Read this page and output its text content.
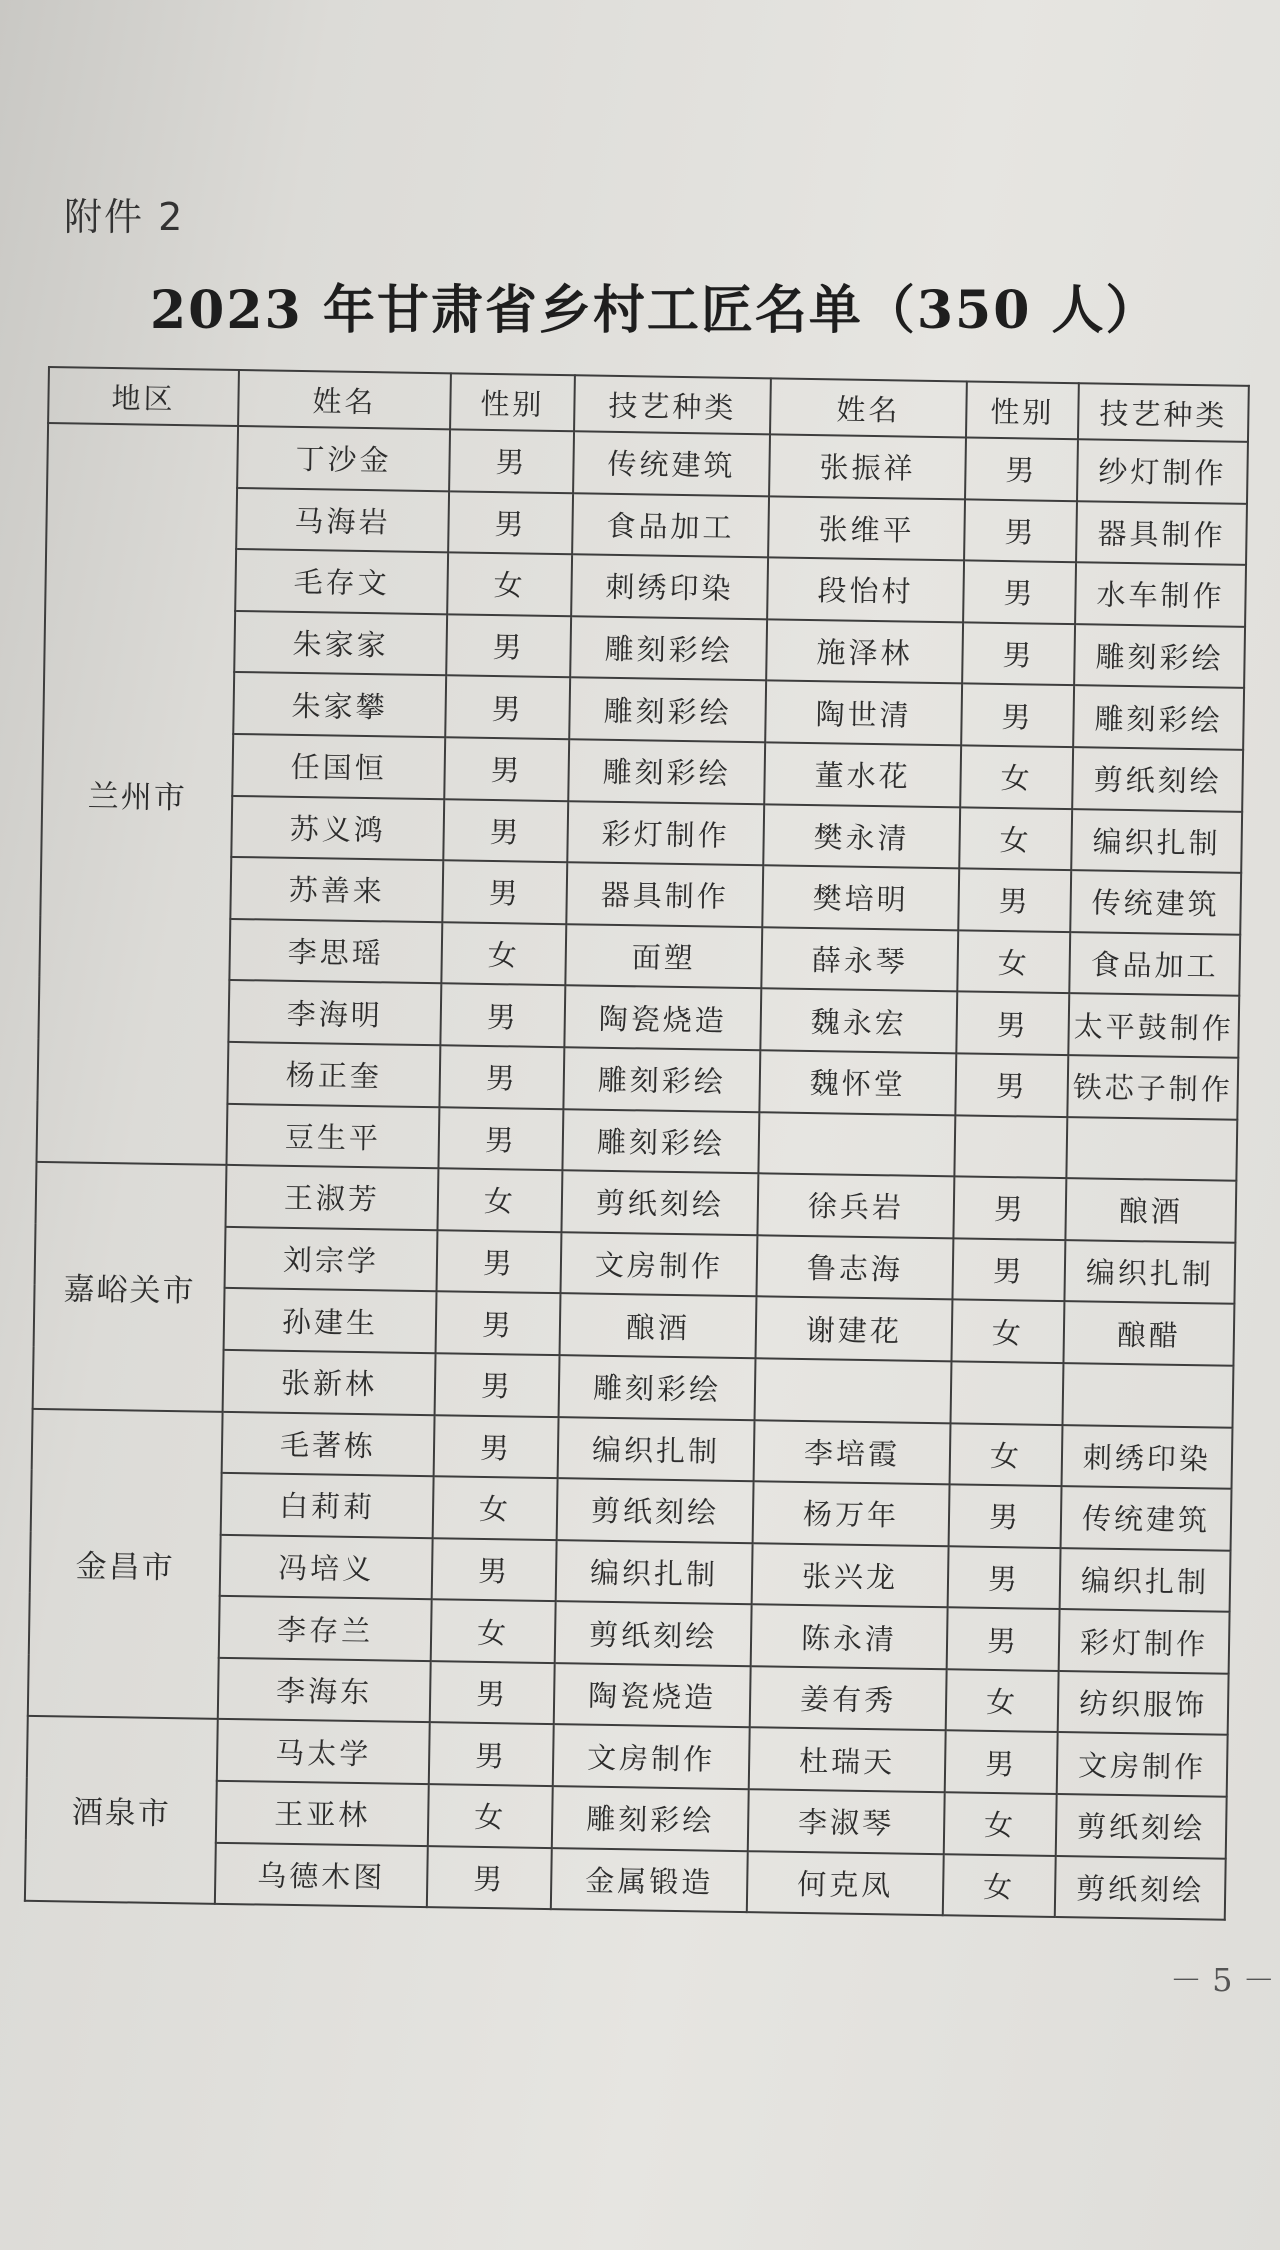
附件 2
2023 年甘肃省乡村工匠名单（350 人）
地区	姓名	性别	技艺种类	姓名	性别	技艺种类
兰州市	丁沙金	男	传统建筑	张振祥	男	纱灯制作
	马海岩	男	食品加工	张维平	男	器具制作
	毛存文	女	刺绣印染	段怡村	男	水车制作
	朱家家	男	雕刻彩绘	施泽林	男	雕刻彩绘
	朱家攀	男	雕刻彩绘	陶世清	男	雕刻彩绘
	任国恒	男	雕刻彩绘	董水花	女	剪纸刻绘
	苏义鸿	男	彩灯制作	樊永清	女	编织扎制
	苏善来	男	器具制作	樊培明	男	传统建筑
	李思瑶	女	面塑	薛永琴	女	食品加工
	李海明	男	陶瓷烧造	魏永宏	男	太平鼓制作
	杨正奎	男	雕刻彩绘	魏怀堂	男	铁芯子制作
	豆生平	男	雕刻彩绘			
嘉峪关市	王淑芳	女	剪纸刻绘	徐兵岩	男	酿酒
	刘宗学	男	文房制作	鲁志海	男	编织扎制
	孙建生	男	酿酒	谢建花	女	酿醋
	张新林	男	雕刻彩绘			
金昌市	毛著栋	男	编织扎制	李培霞	女	刺绣印染
	白莉莉	女	剪纸刻绘	杨万年	男	传统建筑
	冯培义	男	编织扎制	张兴龙	男	编织扎制
	李存兰	女	剪纸刻绘	陈永清	男	彩灯制作
	李海东	男	陶瓷烧造	姜有秀	女	纺织服饰
酒泉市	马太学	男	文房制作	杜瑞天	男	文房制作
	王亚林	女	雕刻彩绘	李淑琴	女	剪纸刻绘
	乌德木图	男	金属锻造	何克凤	女	剪纸刻绘
－ 5 －
